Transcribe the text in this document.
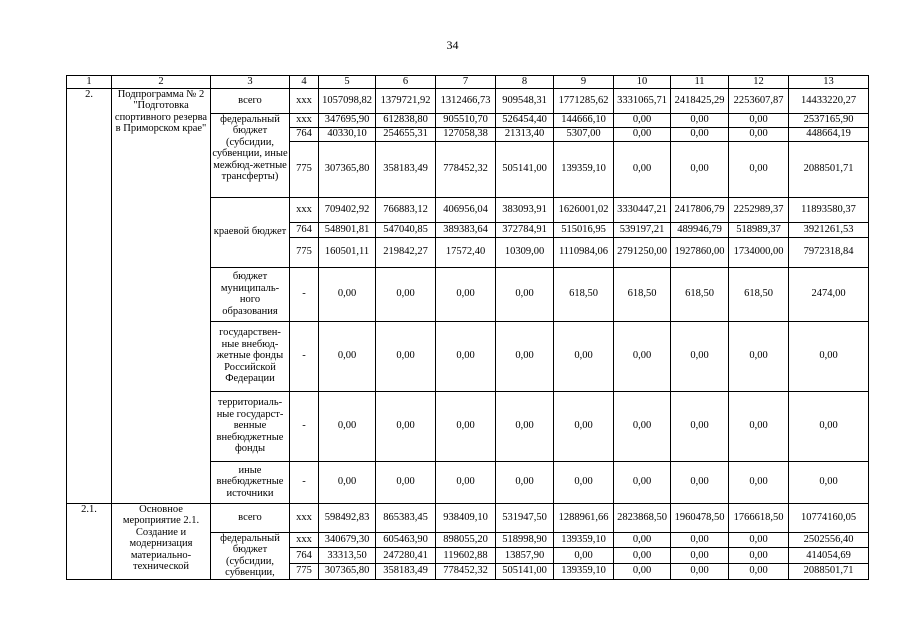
34
1	2	3	4	5	6	7	8	9	10	11	12	13
2.	Подпрограмма № 2 "Подготовка спортивного резерва в Приморском крае"	всего	ххх	1057098,82	1379721,92	1312466,73	909548,31	1771285,62	3331065,71	2418425,29	2253607,87	14433220,27
		федеральный бюджет (субсидии, субвенции, иные межбюд-жетные трансферты)	ххх	347695,90	612838,80	905510,70	526454,40	144666,10	0,00	0,00	0,00	2537165,90
			764	40330,10	254655,31	127058,38	21313,40	5307,00	0,00	0,00	0,00	448664,19
			775	307365,80	358183,49	778452,32	505141,00	139359,10	0,00	0,00	0,00	2088501,71
		краевой бюджет	ххх	709402,92	766883,12	406956,04	383093,91	1626001,02	3330447,21	2417806,79	2252989,37	11893580,37
			764	548901,81	547040,85	389383,64	372784,91	515016,95	539197,21	489946,79	518989,37	3921261,53
			775	160501,11	219842,27	17572,40	10309,00	1110984,06	2791250,00	1927860,00	1734000,00	7972318,84
		бюджет муниципаль-ного образования	-	0,00	0,00	0,00	0,00	618,50	618,50	618,50	618,50	2474,00
		государствен-ные внебюд-жетные фонды Российской Федерации	-	0,00	0,00	0,00	0,00	0,00	0,00	0,00	0,00	0,00
		территориаль-ные государст-венные внебюджетные фонды	-	0,00	0,00	0,00	0,00	0,00	0,00	0,00	0,00	0,00
		иные внебюджетные источники	-	0,00	0,00	0,00	0,00	0,00	0,00	0,00	0,00	0,00
2.1.	Основное мероприятие 2.1. Создание и модернизация материально-технической	всего	ххх	598492,83	865383,45	938409,10	531947,50	1288961,66	2823868,50	1960478,50	1766618,50	10774160,05
		федеральный бюджет (субсидии, субвенции,	ххх	340679,30	605463,90	898055,20	518998,90	139359,10	0,00	0,00	0,00	2502556,40
			764	33313,50	247280,41	119602,88	13857,90	0,00	0,00	0,00	0,00	414054,69
			775	307365,80	358183,49	778452,32	505141,00	139359,10	0,00	0,00	0,00	2088501,71
